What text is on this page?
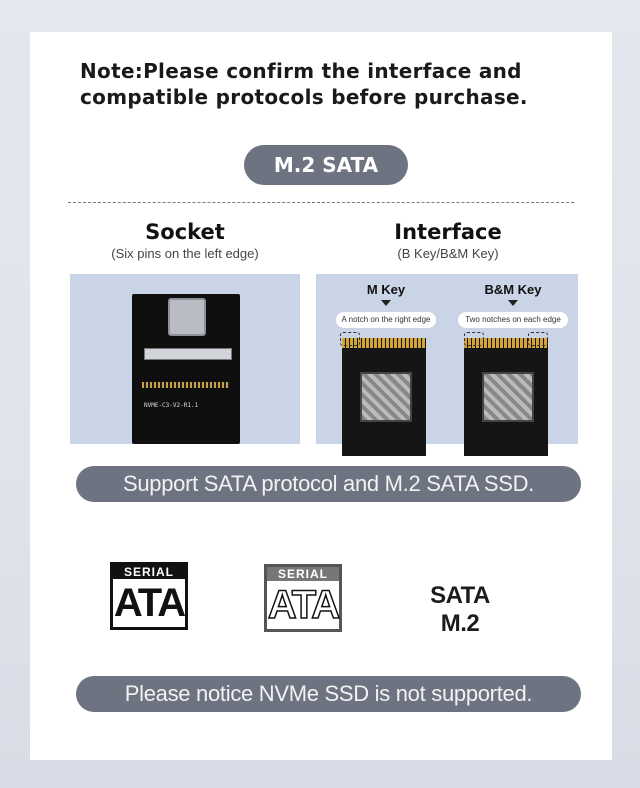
Note:Please confirm the interface and
compatible protocols before purchase.
M.2 SATA
Socket
(Six pins on the left edge)
NVME-C3-V2-R1.1
Interface
(B Key/B&M Key)
M Key
A notch on the right edge
B&M Key
Two notches on each edge
Support SATA protocol and M.2 SATA SSD.
SERIAL
ATA
SERIAL
ATA	SATA M.2
Please notice NVMe SSD is not supported.
